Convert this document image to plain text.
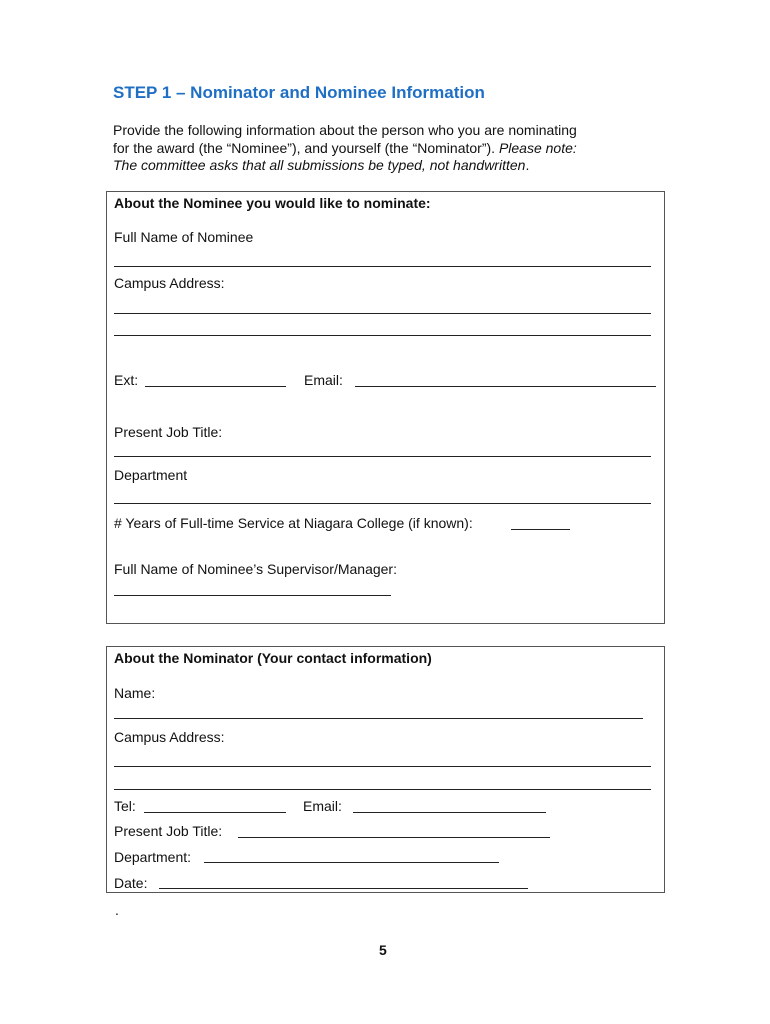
STEP 1 – Nominator and Nominee Information
Provide the following information about the person who you are nominating
for the award (the “Nominee”), and yourself (the “Nominator”). Please note:
The committee asks that all submissions be typed, not handwritten.
About the Nominee you would like to nominate:
Full Name of Nominee
Campus Address:
Ext:	Email:
Present Job Title:
Department
# Years of Full-time Service at Niagara College (if known):
Full Name of Nominee’s Supervisor/Manager:
About the Nominator (Your contact information)
Name:
Campus Address:
Tel:	Email:
Present Job Title:
Department:
Date:
.
5
